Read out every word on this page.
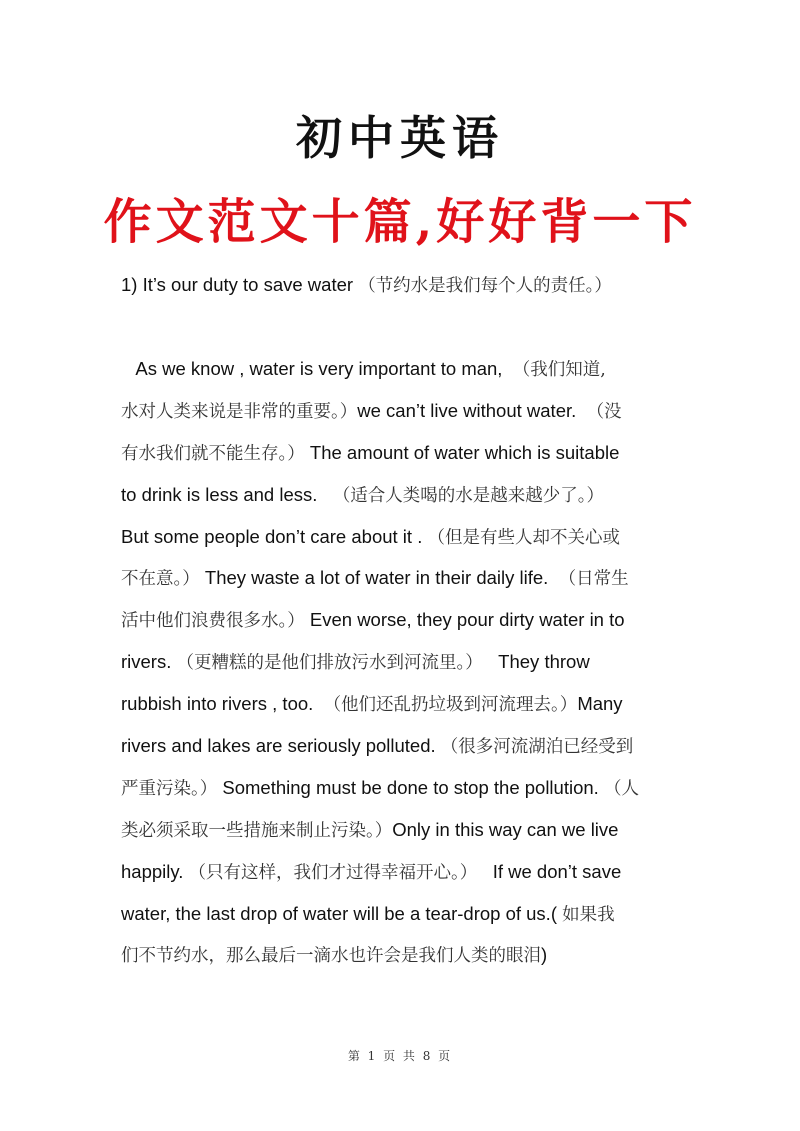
初中英语
作文范文十篇,好好背一下
1) It’s our duty to save water （节约水是我们每个人的责任。）
As we know , water is very important to man,  （我们知道,
水对人类来说是非常的重要。）we can’t live without water.  （没
有水我们就不能生存。） The amount of water which is suitable
to drink is less and less.   （适合人类喝的水是越来越少了。）
But some people don’t care about it . （但是有些人却不关心或
不在意。） They waste a lot of water in their daily life.  （日常生
活中他们浪费很多水。） Even worse, they pour dirty water in to
rivers. （更糟糕的是他们排放污水到河流里。）   They throw
rubbish into rivers , too.  （他们还乱扔垃圾到河流理去。）Many
rivers and lakes are seriously polluted. （很多河流湖泊已经受到
严重污染。） Something must be done to stop the pollution. （人
类必须采取一些措施来制止污染。）Only in this way can we live
happily. （只有这样，我们才过得幸福开心。）   If we don’t save
water, the last drop of water will be a tear-drop of us.( 如果我
们不节约水，那么最后一滴水也许会是我们人类的眼泪)
第 1 页 共 8 页
